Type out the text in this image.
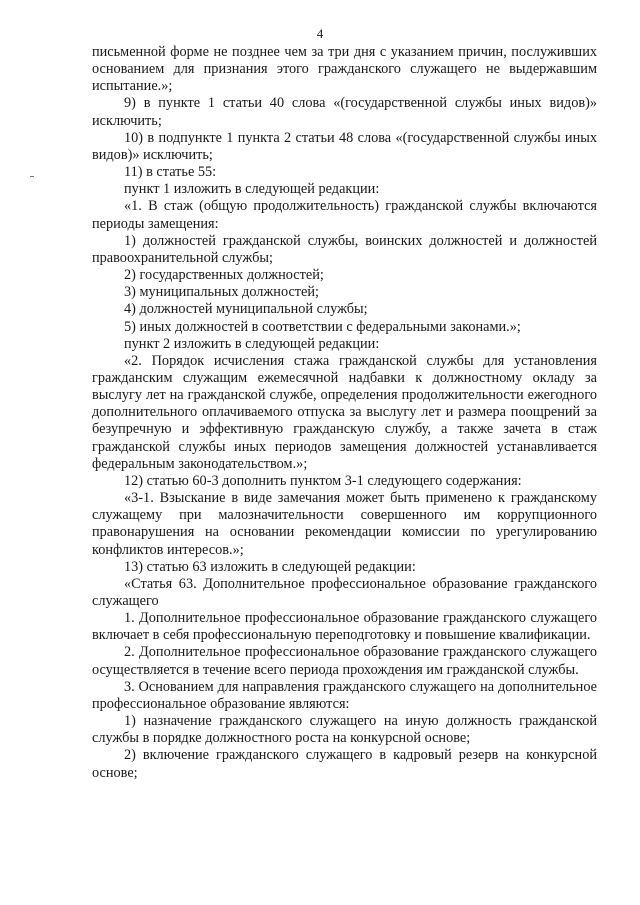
4

письменной форме не позднее чем за три дня с указанием причин, послуживших основанием для признания этого гражданского служащего не выдержавшим испытание.»;

9) в пункте 1 статьи 40 слова «(государственной службы иных видов)» исключить;

10) в подпункте 1 пункта 2 статьи 48 слова «(государственной службы иных видов)» исключить;

11) в статье 55:

пункт 1 изложить в следующей редакции:

«1. В стаж (общую продолжительность) гражданской службы включаются периоды замещения:

1) должностей гражданской службы, воинских должностей и должностей правоохранительной службы;

2) государственных должностей;

3) муниципальных должностей;

4) должностей муниципальной службы;

5) иных должностей в соответствии с федеральными законами.»;

пункт 2 изложить в следующей редакции:

«2. Порядок исчисления стажа гражданской службы для установления гражданским служащим ежемесячной надбавки к должностному окладу за выслугу лет на гражданской службе, определения продолжительности ежегодного дополнительного оплачиваемого отпуска за выслугу лет и размера поощрений за безупречную и эффективную гражданскую службу, а также зачета в стаж гражданской службы иных периодов замещения должностей устанавливается федеральным законодательством.»;

12) статью 60-3 дополнить пунктом 3-1 следующего содержания:

«3-1. Взыскание в виде замечания может быть применено к гражданскому служащему при малозначительности совершенного им коррупционного правонарушения на основании рекомендации комиссии по урегулированию конфликтов интересов.»;

13) статью 63 изложить в следующей редакции:

«Статья 63. Дополнительное профессиональное образование гражданского служащего

1. Дополнительное профессиональное образование гражданского служащего включает в себя профессиональную переподготовку и повышение квалификации.

2. Дополнительное профессиональное образование гражданского служащего осуществляется в течение всего периода прохождения им гражданской службы.

3. Основанием для направления гражданского служащего на дополнительное профессиональное образование являются:

1) назначение гражданского служащего на иную должность гражданской службы в порядке должностного роста на конкурсной основе;

2) включение гражданского служащего в кадровый резерв на конкурсной основе;
